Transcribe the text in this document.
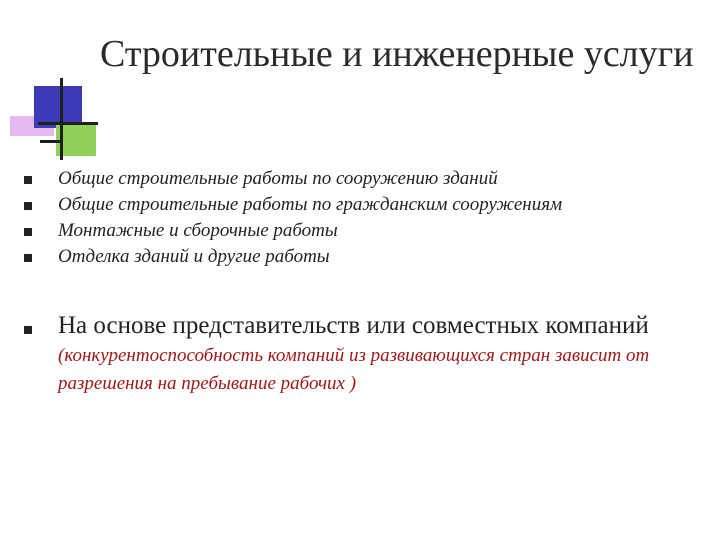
Строительные и инженерные услуги
Общие строительные работы по сооружению зданий
Общие строительные работы по гражданским сооружениям
Монтажные и сборочные работы
Отделка зданий и другие работы
На основе представительств или совместных компаний (конкурентоспособность компаний из развивающихся стран зависит от разрешения на пребывание рабочих )
